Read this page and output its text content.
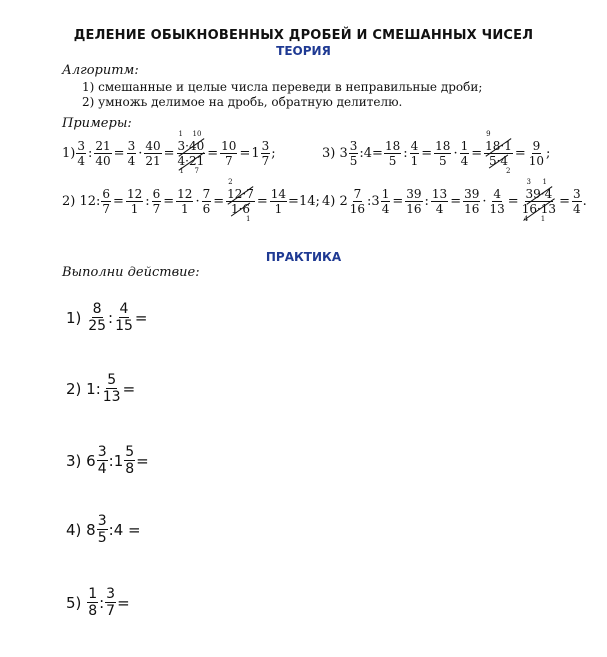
ДЕЛЕНИЕ ОБЫКНОВЕННЫХ ДРОБЕЙ И СМЕШАННЫХ ЧИСЕЛ
ТЕОРИЯ
Алгоритм:
1) смешанные и целые числа переведи в неправильные дроби;
2) умножь делимое на дробь, обратную делителю.
Примеры:
$1) \frac{3}{4}$ : $\frac{21}{40} = \frac{3}{4} \cdot \frac{40}{21} = 1$ 10
3·40
4·21
1 $7 = \frac{10}{7} = 1 \frac{3}{7}$ ;	3) $3 \frac{3}{5}$ :4= $\frac{18}{5}$ : $\frac{4}{1} = \frac{18}{5} \cdot \frac{1}{4} = 9$
18·1
5·4
$2 = \frac{9}{10}$ ;
2) 12: $\frac{6}{7} = \frac{12}{1}$ : $\frac{6}{7} = \frac{12}{1} \cdot \frac{7}{6} = 2$
12·7
1·6
$1 = \frac{14}{1} =14$; 4) $2 \frac{7}{16}$ :3 $\frac{1}{4} = \frac{39}{16}$ : $\frac{13}{4} = \frac{39}{16} \cdot \frac{4}{13} = 3$ 1
39·4
16·13
4 $1 = \frac{3}{4}$ .
ПРАКТИКА
Выполни действие:
1)
$\frac{8}{25}$ : $\frac{4}{15}$ =
2) 1: $\frac{5}{13}$ =
3) $6 \frac{3}{4}$ :1 $\frac{5}{8}$ =
4) $8 \frac{3}{5}$ :4 =
5)
$\frac{1}{8}$ : $\frac{3}{7}$ =
